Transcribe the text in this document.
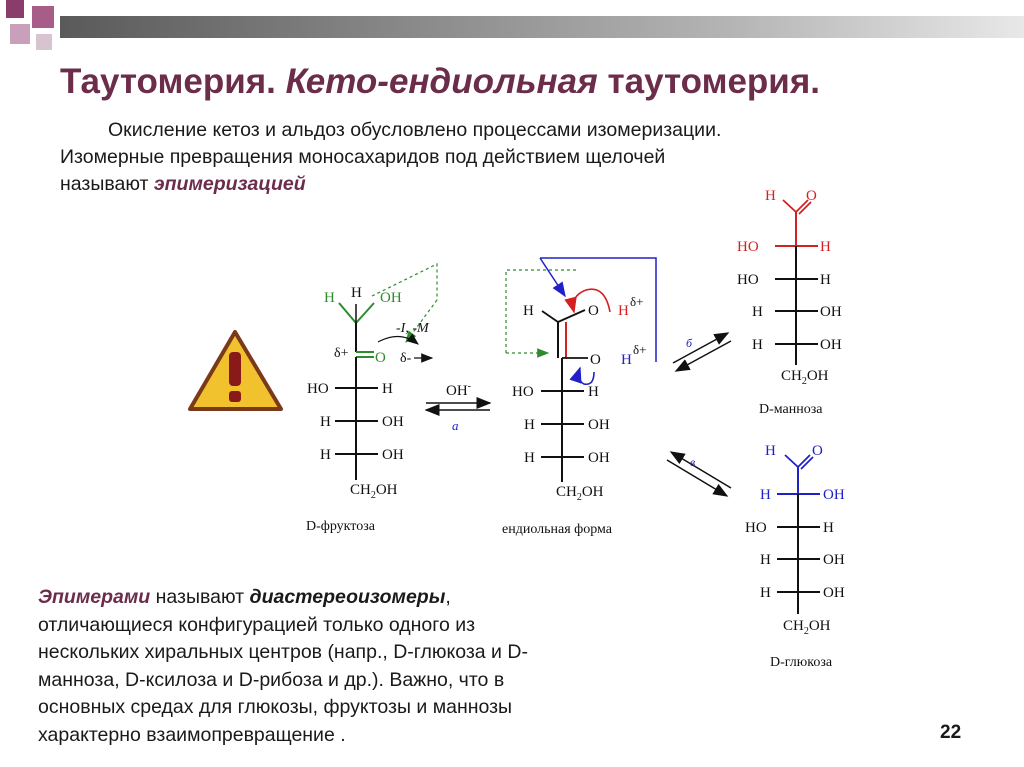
Таутомерия. Кето-ендиольная таутомерия.
Окисление кетоз и альдоз обусловлено процессами изомеризации.
Изомерные превращения моносахаридов под действием щелочей
называют эпимеризацией
H H OH
-I, -M
δ+ O δ-
HO	H
H	OH
H	OH
$CH_2OH$
D-фруктоза
OH-
а
H	O H
δ+
O H
δ+
HO	H
H	OH
H	OH
$CH_2OH$
ендиольная форма
б
в
H O
HO	H
HO	H
H	OH
H	OH
$CH_2OH$
D-манноза
H O
H	OH
HO	H
H	OH
H	OH
$CH_2OH$
D-глюкоза
Эпимерами называют диастереоизомеры, отличающиеся конфигурацией только одного из нескольких хиральных центров (напр., D-глюкоза и D-манноза, D-ксилоза и D-рибоза и др.). Важно, что в основных средах для глюкозы, фруктозы и маннозы характерно взаимопревращение .	22
